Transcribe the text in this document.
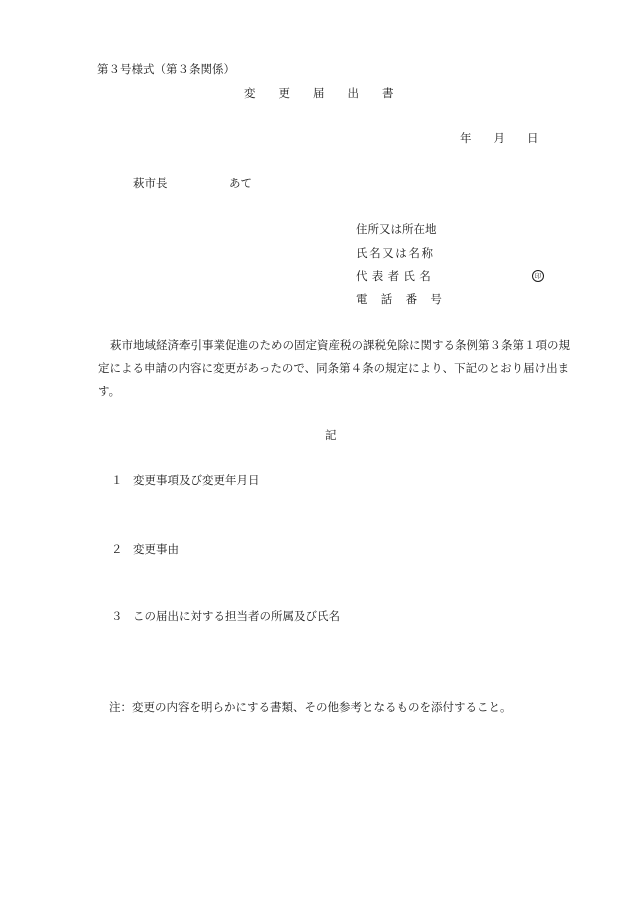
第３号様式（第３条関係）
変更届出書
年 月 日
萩市長	あて
住所又は所在地
氏名又は名称
代表者氏名	印
電話番号
萩市地域経済牽引事業促進のための固定資産税の課税免除に関する条例第３条第１項の規定による申請の内容に変更があったので、同条第４条の規定により、下記のとおり届け出ます。
記
１ 変更事項及び変更年月日
２ 変更事由
３ この届出に対する担当者の所属及び氏名
注：変更の内容を明らかにする書類、その他参考となるものを添付すること。
